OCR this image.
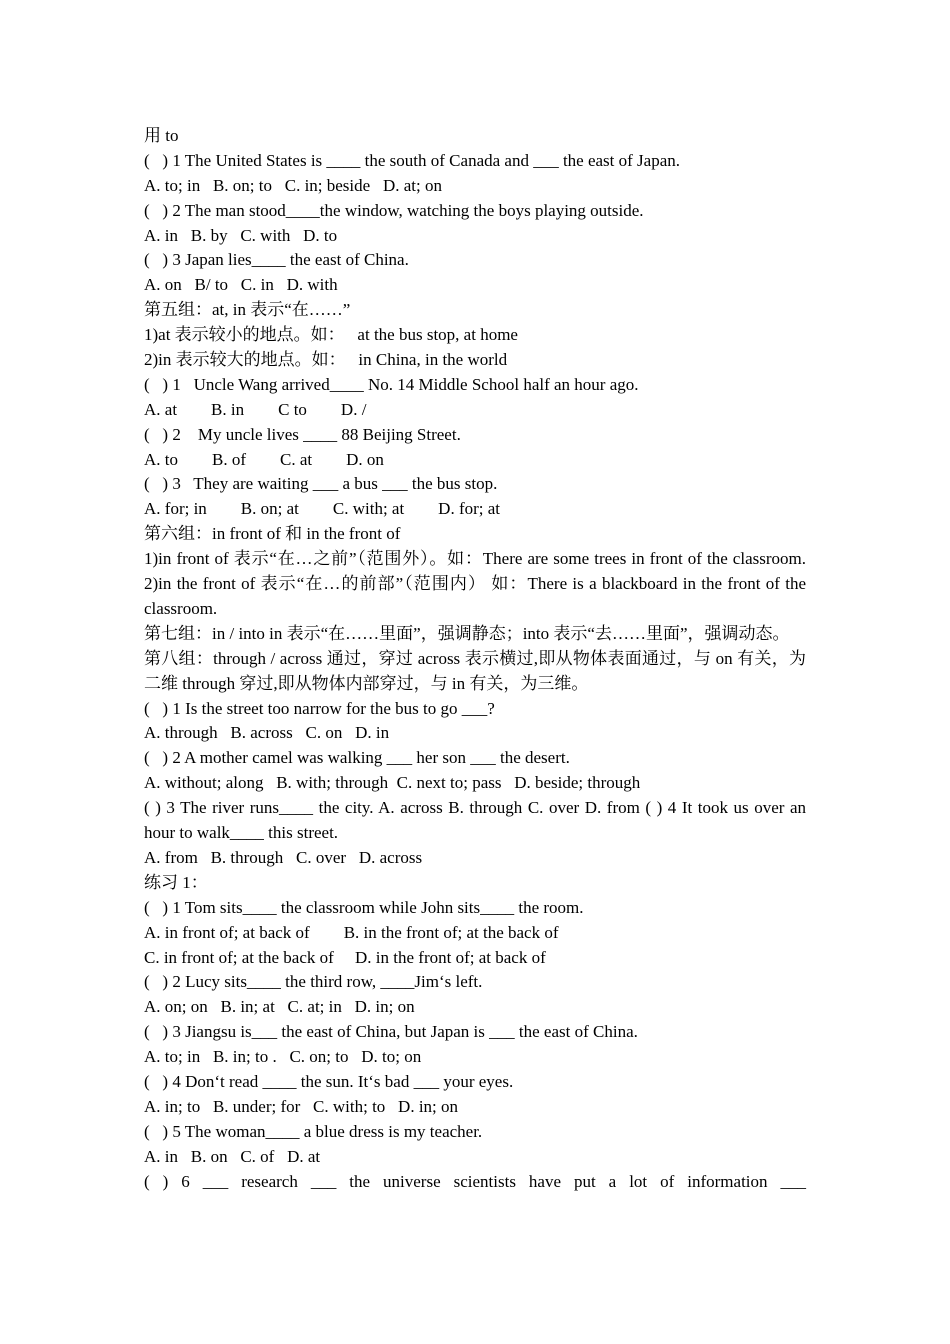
用 to
(   ) 1 The United States is ____ the south of Canada and ___ the east of Japan.
A. to; in   B. on; to   C. in; beside   D. at; on
(   ) 2 The man stood____the window, watching the boys playing outside.
A. in   B. by   C. with   D. to
(   ) 3 Japan lies____ the east of China.
A. on   B/ to   C. in   D. with
第五组：at, in 表示“在……”
1)at 表示较小的地点。如：   at the bus stop, at home
2)in 表示较大的地点。如：   in China, in the world
(   ) 1   Uncle Wang arrived____ No. 14 Middle School half an hour ago.
A. at        B. in        C to        D. /
(   ) 2    My uncle lives ____ 88 Beijing Street.
A. to        B. of        C. at        D. on
(   ) 3   They are waiting ___ a bus ___ the bus stop.
A. for; in        B. on; at        C. with; at        D. for; at
第六组：in front of 和 in the front of
1)in front of 表示“在…之前”（范围外）。如：There are some trees in front of the classroom. 2)in the front of 表示“在…的前部”（范围内） 如：There is a blackboard in the front of the classroom.
第七组：in / into in 表示“在……里面”，强调静态；into 表示“去……里面”，强调动态。
第八组：through / across 通过，穿过 across 表示横过,即从物体表面通过，与 on 有关，为二维 through 穿过,即从物体内部穿过，与 in 有关，为三维。
(   ) 1 Is the street too narrow for the bus to go ___?
A. through   B. across   C. on   D. in
(   ) 2 A mother camel was walking ___ her son ___ the desert.
A. without; along   B. with; through  C. next to; pass   D. beside; through
( ) 3 The river runs____ the city. A. across B. through C. over D. from ( ) 4 It took us over an hour to walk____ this street.
A. from   B. through   C. over   D. across
练习 1：
(   ) 1 Tom sits____ the classroom while John sits____ the room.
A. in front of; at back of        B. in the front of; at the back of
C. in front of; at the back of     D. in the front of; at back of
(   ) 2 Lucy sits____ the third row, ____Jim‘s left.
A. on; on   B. in; at   C. at; in   D. in; on
(   ) 3 Jiangsu is___ the east of China, but Japan is ___ the east of China.
A. to; in   B. in; to .   C. on; to   D. to; on
(   ) 4 Don‘t read ____ the sun. It‘s bad ___ your eyes.
A. in; to   B. under; for   C. with; to   D. in; on
(   ) 5 The woman____ a blue dress is my teacher.
A. in   B. on   C. of   D. at
( ) 6 ___ research ___ the universe scientists have put a lot of information ___
